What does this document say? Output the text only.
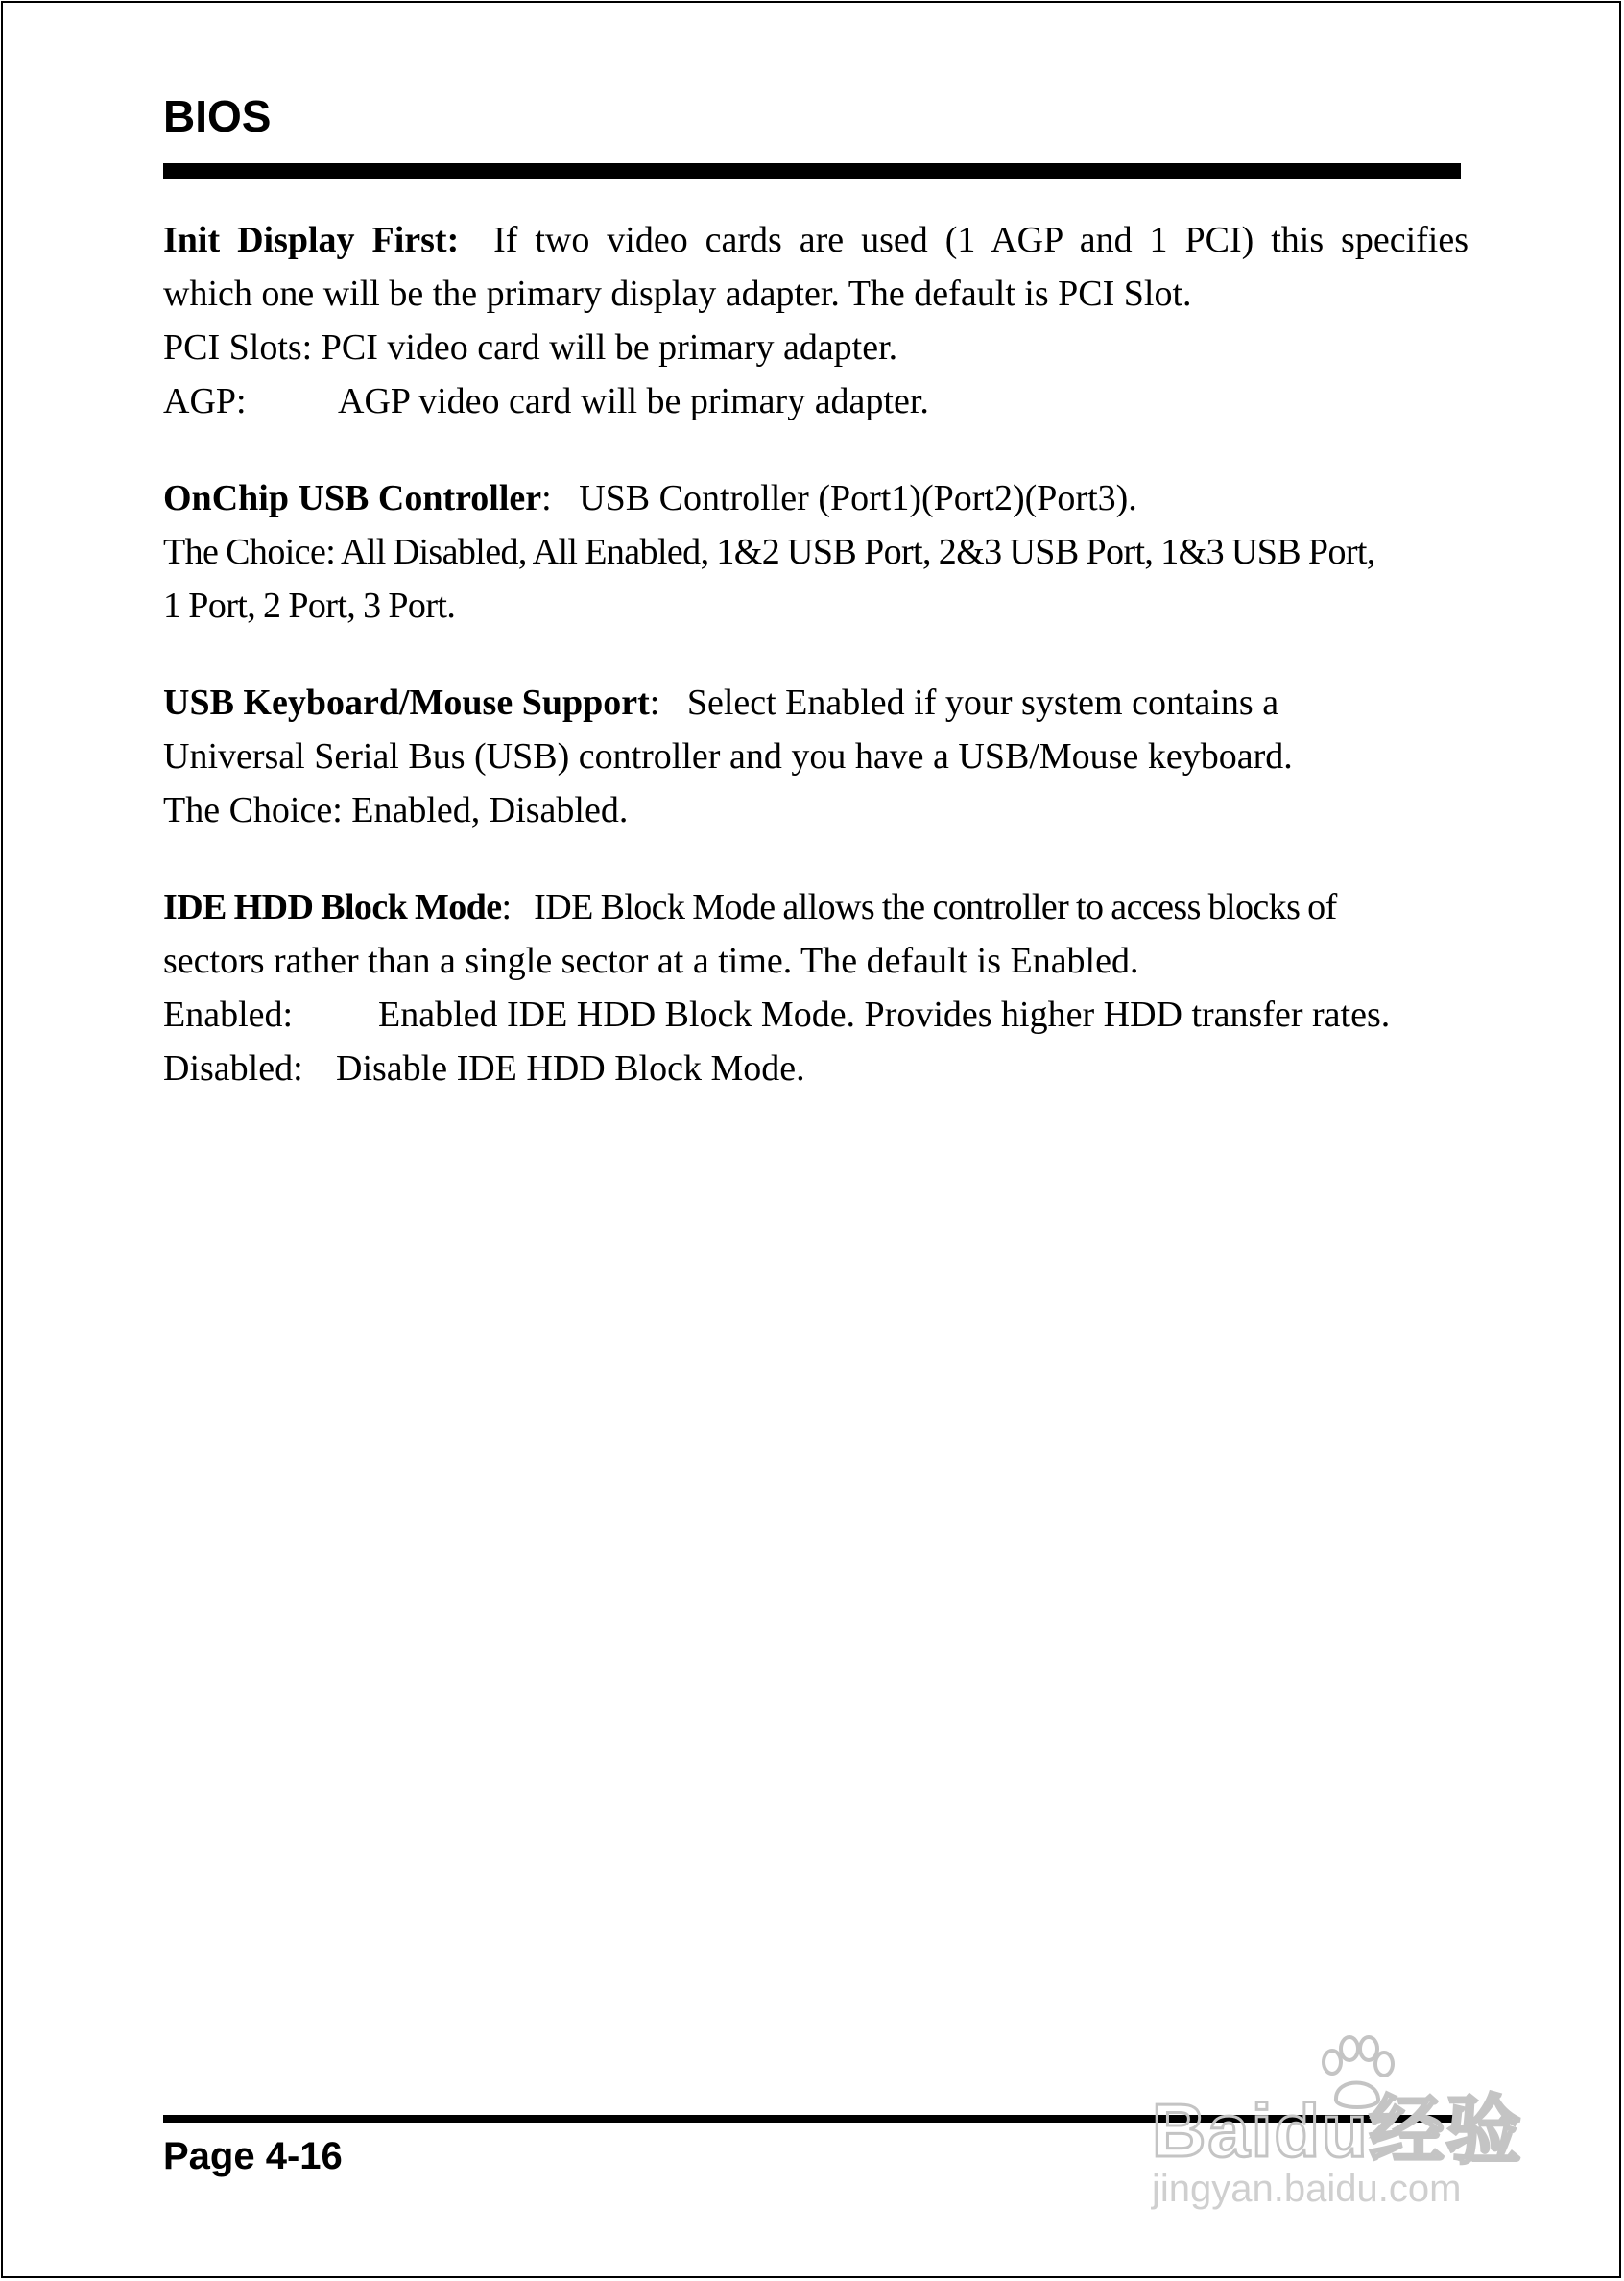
BIOS
Init Display First: If two video cards are used (1 AGP and 1 PCI) this specifies
which one will be the primary display adapter. The default is PCI Slot.
PCI Slots: PCI video card will be primary adapter.
AGP:	AGP video card will be primary adapter.
OnChip USB Controller:   USB Controller (Port1)(Port2)(Port3).
The Choice: All Disabled, All Enabled, 1&2 USB Port, 2&3 USB Port, 1&3 USB Port,
1 Port, 2 Port, 3 Port.
USB Keyboard/Mouse Support:   Select Enabled if your system contains a
Universal Serial Bus (USB) controller and you have a USB/Mouse keyboard.
The Choice: Enabled, Disabled.
IDE HDD Block Mode:   IDE Block Mode allows the controller to access blocks of
sectors rather than a single sector at a time. The default is Enabled.
Enabled: Enabled IDE HDD Block Mode. Provides higher HDD transfer rates.
Disabled: Disable IDE HDD Block Mode.
Page 4-16	Baidu经验
jingyan.baidu.com
